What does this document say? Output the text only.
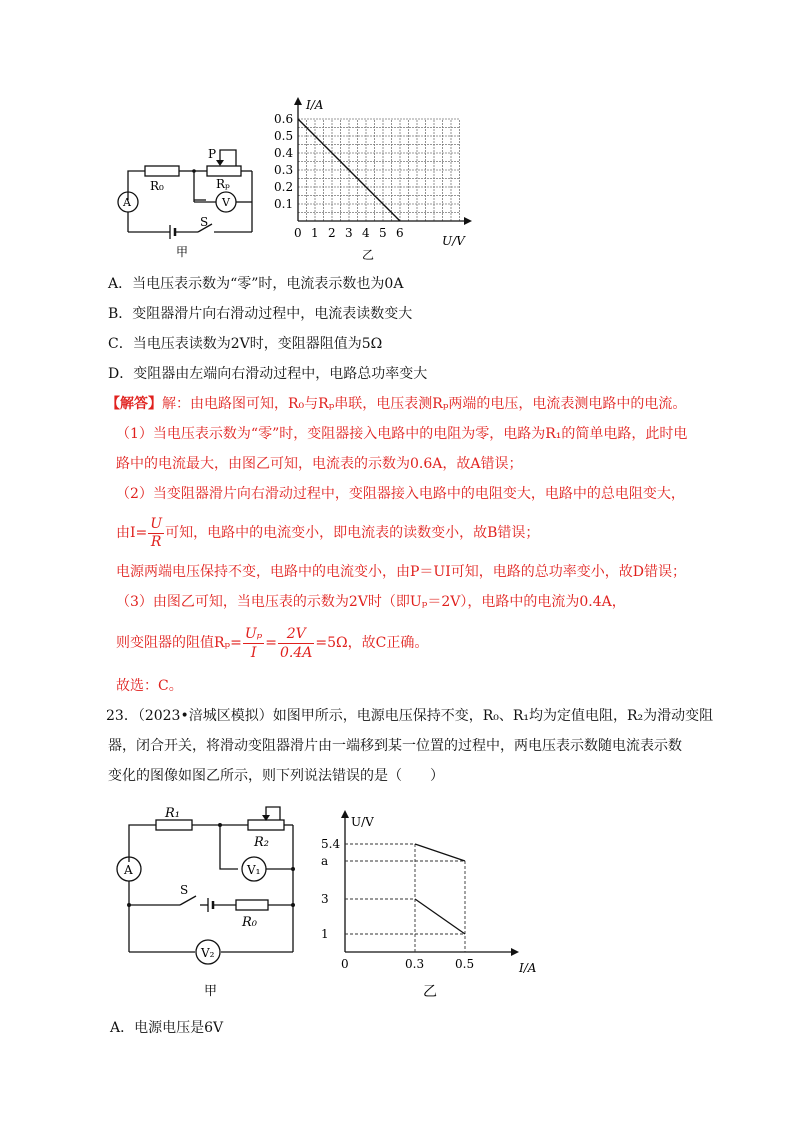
R₀	Rₚ
P
A	V
S
甲
0.6
0.5
0.4
0.3
0.2
0.1
0 1 2 3 4 5 6
I/A
U/V
乙
A．当电压表示数为“零”时，电流表示数也为0A
B．变阻器滑片向右滑动过程中，电流表读数变大
C．当电压表读数为2V时，变阻器阻值为5Ω
D．变阻器由左端向右滑动过程中，电路总功率变大
【解答】解：由电路图可知，R₀与Rₚ串联，电压表测Rₚ两端的电压，电流表测电路中的电流。
（1）当电压表示数为“零”时，变阻器接入电路中的电阻为零，电路为R₁的简单电路，此时电
路中的电流最大，由图乙可知，电流表的示数为0.6A，故A错误；
（2）当变阻器滑片向右滑动过程中，变阻器接入电路中的电阻变大，电路中的总电阻变大，
由$I= \frac{U}{R}$ 可知，电路中的电流变小，即电流表的读数变小，故B错误；
电源两端电压保持不变，电路中的电流变小，由P＝UI可知，电路的总功率变小，故D错误；
（3）由图乙可知，当电压表的示数为2V时（即Uₚ＝2V），电路中的电流为0.4A，
则变阻器的阻值$R_p= \frac{\text{Uₚ}}{I} = \frac{2V}{0.4A} =5\Omega$，故C正确。
故选：C。
23．（2023•涪城区模拟）如图甲所示，电源电压保持不变，R₀、R₁均为定值电阻，R₂为滑动变阻
器，闭合开关，将滑动变阻器滑片由一端移到某一位置的过程中，两电压表示数随电流表示数
变化的图像如图乙所示，则下列说法错误的是（　　）
R₁
R₂
R₀
A	V₁
V₂
S
甲
5.4
a
3
1
0	0.3	0.5
U/V
I/A
乙
A．电源电压是6V
